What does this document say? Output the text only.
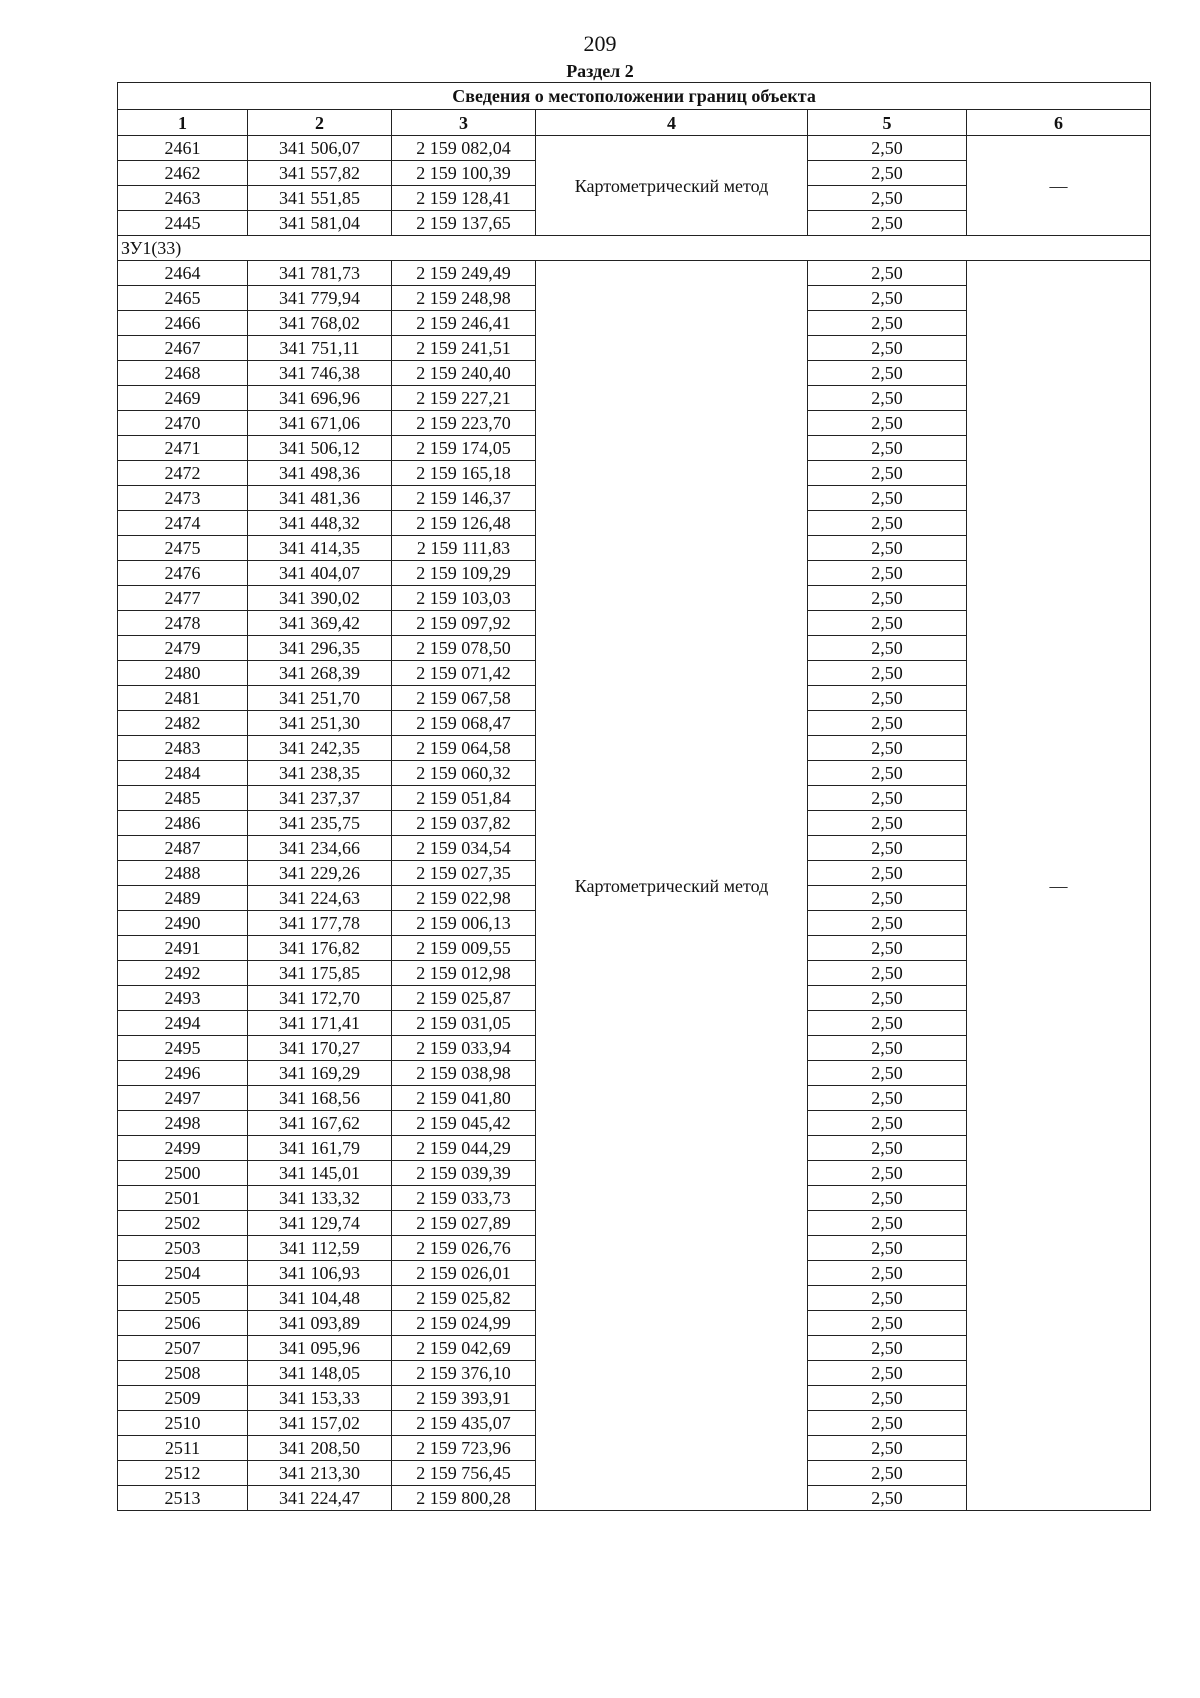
209
Раздел 2
Сведения о местоположении границ объекта					
1	2	3	4	5	6
2461	341 506,07	2 159 082,04	Картометрический метод	2,50	—
2462	341 557,82	2 159 100,39		2,50	
2463	341 551,85	2 159 128,41		2,50	
2445	341 581,04	2 159 137,65		2,50	
ЗУ1(33)					
2464	341 781,73	2 159 249,49	Картометрический метод	2,50	—
2465	341 779,94	2 159 248,98		2,50	
2466	341 768,02	2 159 246,41		2,50	
2467	341 751,11	2 159 241,51		2,50	
2468	341 746,38	2 159 240,40		2,50	
2469	341 696,96	2 159 227,21		2,50	
2470	341 671,06	2 159 223,70		2,50	
2471	341 506,12	2 159 174,05		2,50	
2472	341 498,36	2 159 165,18		2,50	
2473	341 481,36	2 159 146,37		2,50	
2474	341 448,32	2 159 126,48		2,50	
2475	341 414,35	2 159 111,83		2,50	
2476	341 404,07	2 159 109,29		2,50	
2477	341 390,02	2 159 103,03		2,50	
2478	341 369,42	2 159 097,92		2,50	
2479	341 296,35	2 159 078,50		2,50	
2480	341 268,39	2 159 071,42		2,50	
2481	341 251,70	2 159 067,58		2,50	
2482	341 251,30	2 159 068,47		2,50	
2483	341 242,35	2 159 064,58		2,50	
2484	341 238,35	2 159 060,32		2,50	
2485	341 237,37	2 159 051,84		2,50	
2486	341 235,75	2 159 037,82		2,50	
2487	341 234,66	2 159 034,54		2,50	
2488	341 229,26	2 159 027,35		2,50	
2489	341 224,63	2 159 022,98		2,50	
2490	341 177,78	2 159 006,13		2,50	
2491	341 176,82	2 159 009,55		2,50	
2492	341 175,85	2 159 012,98		2,50	
2493	341 172,70	2 159 025,87		2,50	
2494	341 171,41	2 159 031,05		2,50	
2495	341 170,27	2 159 033,94		2,50	
2496	341 169,29	2 159 038,98		2,50	
2497	341 168,56	2 159 041,80		2,50	
2498	341 167,62	2 159 045,42		2,50	
2499	341 161,79	2 159 044,29		2,50	
2500	341 145,01	2 159 039,39		2,50	
2501	341 133,32	2 159 033,73		2,50	
2502	341 129,74	2 159 027,89		2,50	
2503	341 112,59	2 159 026,76		2,50	
2504	341 106,93	2 159 026,01		2,50	
2505	341 104,48	2 159 025,82		2,50	
2506	341 093,89	2 159 024,99		2,50	
2507	341 095,96	2 159 042,69		2,50	
2508	341 148,05	2 159 376,10		2,50	
2509	341 153,33	2 159 393,91		2,50	
2510	341 157,02	2 159 435,07		2,50	
2511	341 208,50	2 159 723,96		2,50	
2512	341 213,30	2 159 756,45		2,50	
2513	341 224,47	2 159 800,28		2,50	
